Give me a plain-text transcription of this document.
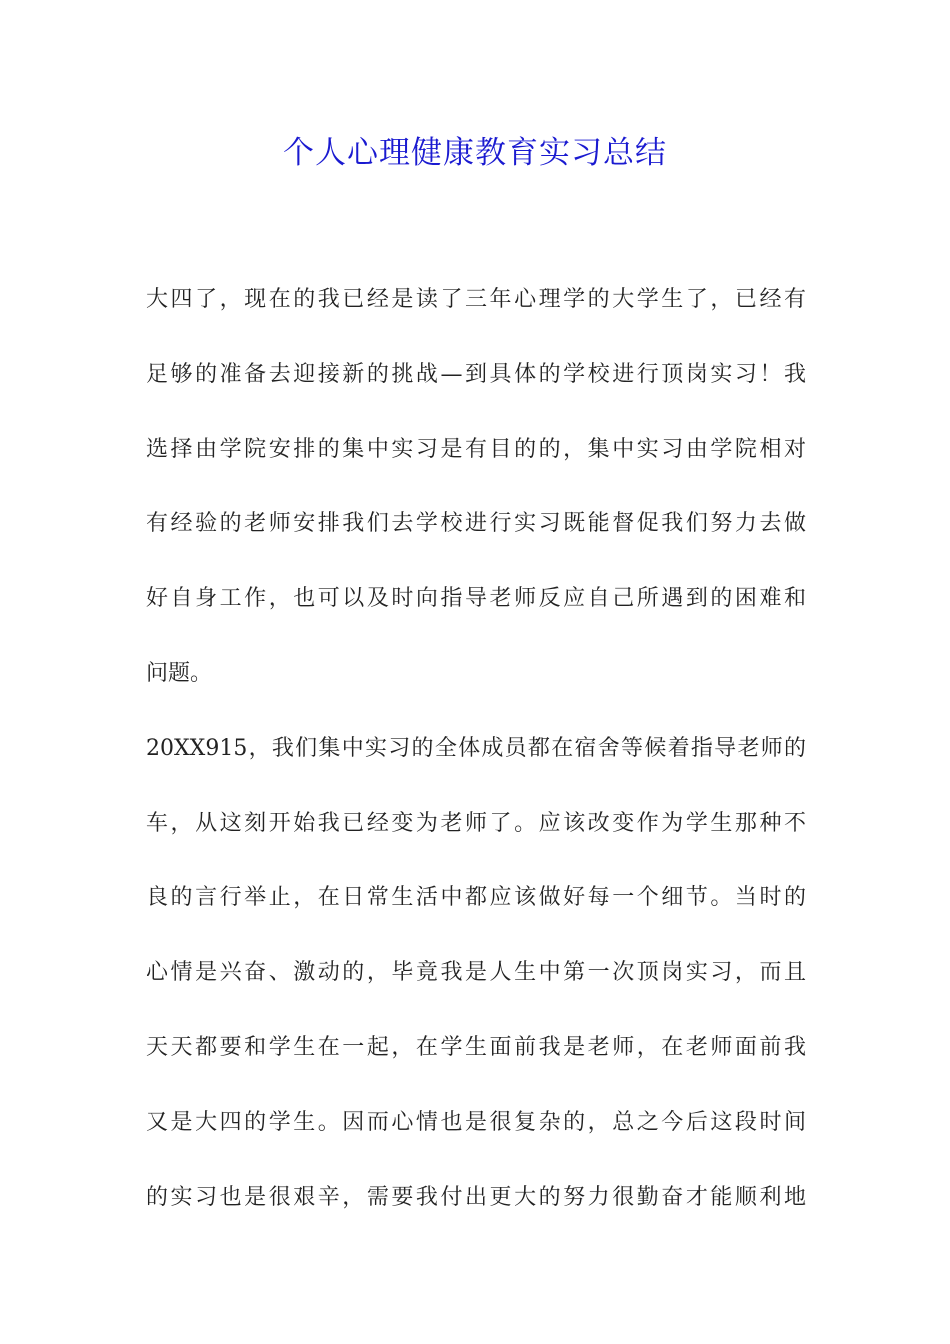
个人心理健康教育实习总结
大四了，现在的我已经是读了三年心理学的大学生了，已经有
足够的准备去迎接新的挑战—到具体的学校进行顶岗实习！我
选择由学院安排的集中实习是有目的的，集中实习由学院相对
有经验的老师安排我们去学校进行实习既能督促我们努力去做
好自身工作，也可以及时向指导老师反应自己所遇到的困难和
问题。
20XX915，我们集中实习的全体成员都在宿舍等候着指导老师的
车，从这刻开始我已经变为老师了。应该改变作为学生那种不
良的言行举止，在日常生活中都应该做好每一个细节。当时的
心情是兴奋、激动的，毕竟我是人生中第一次顶岗实习，而且
天天都要和学生在一起，在学生面前我是老师，在老师面前我
又是大四的学生。因而心情也是很复杂的，总之今后这段时间
的实习也是很艰辛，需要我付出更大的努力很勤奋才能顺利地
